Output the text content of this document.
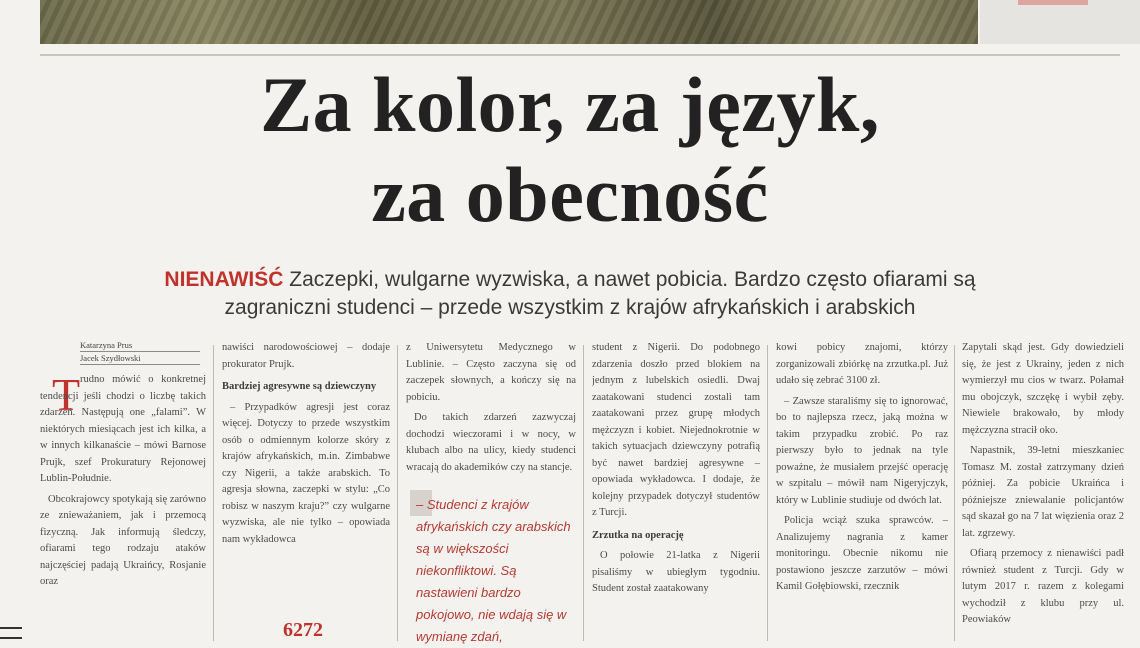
Za kolor, za język,
za obecność

NIENAWIŚĆ Zaczepki, wulgarne wyzwiska, a nawet pobicia. Bardzo często ofiarami są
zagraniczni studenci – przede wszystkim z krajów afrykańskich i arabskich

Katarzyna Prus
Jacek Szydłowski
T rudno mówić o konkretnej tendencji jeśli chodzi o liczbę takich zdarzeń. Następują one „falami”. W niektórych miesiącach jest ich kilka, a w innych kilkanaście – mówi Barnose Prujk, szef Prokuratury Rejonowej Lublin-Południe.

Obcokrajowcy spotykają się zarówno ze znieważaniem, jak i przemocą fizyczną. Jak informują śledczy, ofiarami tego rodzaju ataków najczęściej padają Ukraińcy, Rosjanie oraz

nawiści narodowościowej – dodaje prokurator Prujk.

Bardziej agresywne są dziewczyny

– Przypadków agresji jest coraz więcej. Dotyczy to przede wszystkim osób o odmiennym kolorze skóry z krajów afrykańskich, m.in. Zimbabwe czy Nigerii, a także arabskich. To agresja słowna, zaczepki w stylu: „Co robisz w naszym kraju?” czy wulgarne wyzwiska, ale nie tylko – opowiada nam wykładowca

6272

z Uniwersytetu Medycznego w Lublinie. – Często zaczyna się od zaczepek słownych, a kończy się na pobiciu.

Do takich zdarzeń zazwyczaj dochodzi wieczorami i w nocy, w klubach albo na ulicy, kiedy studenci wracają do akademików czy na stancje.

– Studenci z krajów afrykańskich czy arabskich są w większości niekonfliktowi. Są nastawieni bardzo pokojowo, nie wdają się w wymianę zdań,

student z Nigerii. Do podobnego zdarzenia doszło przed blokiem na jednym z lubelskich osiedli. Dwaj zaatakowani studenci zostali tam zaatakowani przez grupę młodych mężczyzn i kobiet. Niejednokrotnie w takich sytuacjach dziewczyny potrafią być nawet bardziej agresywne – opowiada wykładowca. I dodaje, że kolejny przypadek dotyczył studentów z Turcji.

Zrzutka na operację

O połowie 21-latka z Nigerii pisaliśmy w ubiegłym tygodniu. Student został zaatakowany

kowi pobicy znajomi, którzy zorganizowali zbiórkę na zrzutka.pl. Już udało się zebrać 3100 zł.

– Zawsze staraliśmy się to ignorować, bo to najlepsza rzecz, jaką można w takim przypadku zrobić. Po raz pierwszy było to jednak na tyle poważne, że musiałem przejść operację w szpitalu – mówił nam Nigeryjczyk, który w Lublinie studiuje od dwóch lat.

Policja wciąż szuka sprawców. – Analizujemy nagrania z kamer monitoringu. Obecnie nikomu nie postawiono jeszcze zarzutów – mówi Kamil Gołębiowski, rzecznik

Zapytali skąd jest. Gdy dowiedzieli się, że jest z Ukrainy, jeden z nich wymierzył mu cios w twarz. Połamał mu obojczyk, szczękę i wybił zęby. Niewiele brakowało, by młody mężczyzna stracił oko.

Napastnik, 39-letni mieszkaniec Tomasz M. został zatrzymany dzień później. Za pobicie Ukraińca i późniejsze zniewalanie policjantów sąd skazał go na 7 lat więzienia oraz 2 lat. zgrzewy.

Ofiarą przemocy z nienawiści padł również student z Turcji. Gdy w lutym 2017 r. razem z kolegami wychodził z klubu przy ul. Peowiaków
